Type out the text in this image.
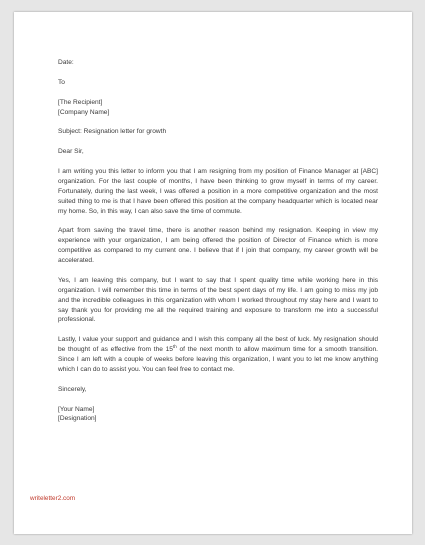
Date:

To

[The Recipient]

[Company Name]

Subject: Resignation letter for growth

Dear Sir,

I am writing you this letter to inform you that I am resigning from my position of Finance Manager at [ABC] organization. For the last couple of months, I have been thinking to grow myself in terms of my career. Fortunately, during the last week, I was offered a position in a more competitive organization and the most suited thing to me is that I have been offered this position at the company headquarter which is located near my home. So, in this way, I can also save the time of commute.

Apart from saving the travel time, there is another reason behind my resignation. Keeping in view my experience with your organization, I am being offered the position of Director of Finance which is more competitive as compared to my current one. I believe that if I join that company, my career growth will be accelerated.

Yes, I am leaving this company, but I want to say that I spent quality time while working here in this organization. I will remember this time in terms of the best spent days of my life. I am going to miss my job and the incredible colleagues in this organization with whom I worked throughout my stay here and I want to say thank you for providing me all the required training and exposure to transform me into a successful professional.

Lastly, I value your support and guidance and I wish this company all the best of luck. My resignation should be thought of as effective from the 15th of the next month to allow maximum time for a smooth transition. Since I am left with a couple of weeks before leaving this organization, I want you to let me know anything which I can do to assist you. You can feel free to contact me.

Sincerely,

[Your Name]

[Designation]

writeletter2.com
